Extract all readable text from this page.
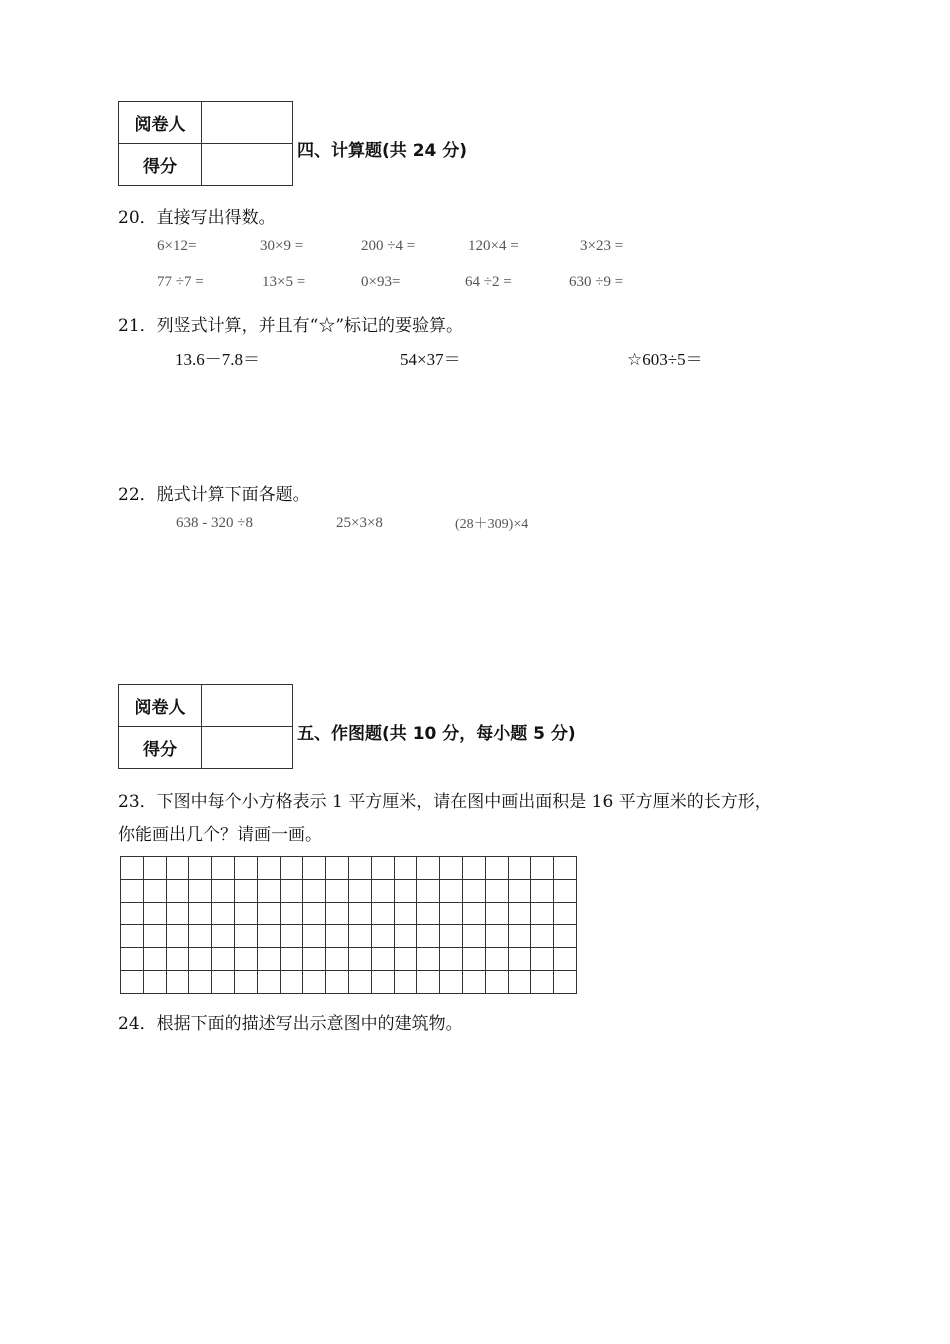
阅卷人	
得分	
四、计算题(共 24 分)
20．直接写出得数。
6×12=	30×9 =	200 ÷4 =	120×4 =	3×23 =
77 ÷7 =	13×5 =	0×93=	64 ÷2 =	630 ÷9 =
21．列竖式计算，并且有“☆”标记的要验算。
13.6－7.8＝	54×37＝	☆603÷5＝
22．脱式计算下面各题。
638 - 320 ÷8	25×3×8	(28＋309)×4
阅卷人	
得分	
五、作图题(共 10 分，每小题 5 分)
23．下图中每个小方格表示 1 平方厘米，请在图中画出面积是 16 平方厘米的长方形，
你能画出几个？请画一画。
24．根据下面的描述写出示意图中的建筑物。
